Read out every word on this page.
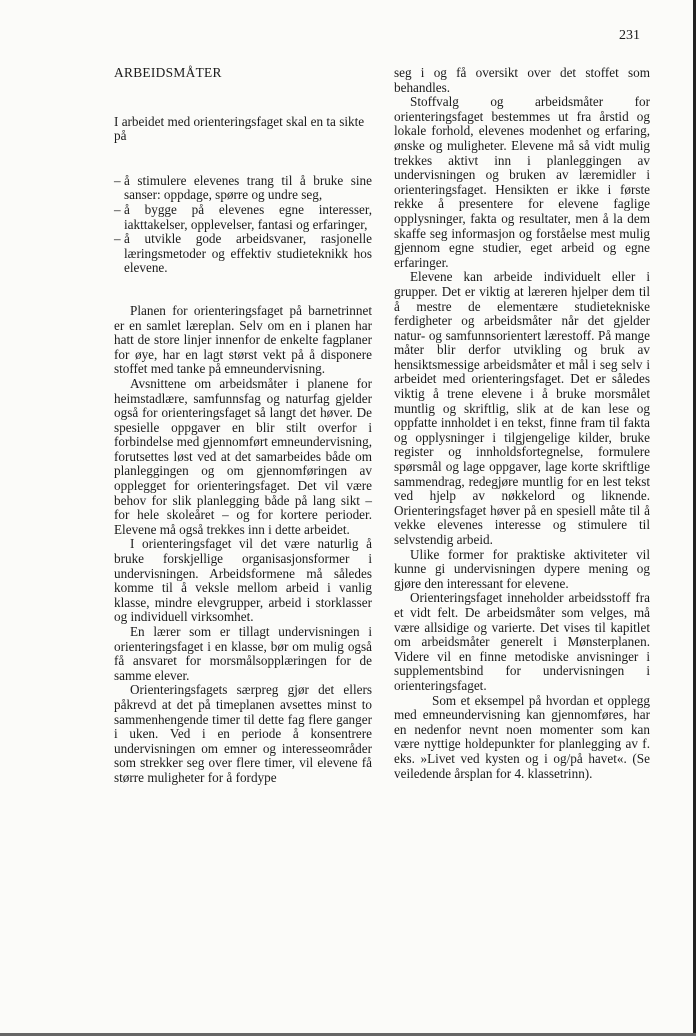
231
ARBEIDSMÅTER

I arbeidet med orienteringsfaget skal en ta sikte på

– å stimulere elevenes trang til å bruke sine sanser: oppdage, spørre og undre seg,
– å bygge på elevenes egne interesser, iakttakelser, opplevelser, fantasi og erfaringer,
– å utvikle gode arbeidsvaner, rasjonelle læringsmetoder og effektiv studieteknikk hos elevene.

Planen for orienteringsfaget på barnetrinnet er en samlet læreplan. Selv om en i planen har hatt de store linjer innenfor de enkelte fagplaner for øye, har en lagt størst vekt på å disponere stoffet med tanke på emneundervisning.

Avsnittene om arbeidsmåter i planene for heimstadlære, samfunnsfag og naturfag gjelder også for orienteringsfaget så langt det høver. De spesielle oppgaver en blir stilt overfor i forbindelse med gjennomført emneundervisning, forutsettes løst ved at det samarbeides både om planleggingen og om gjennomføringen av opplegget for orienteringsfaget. Det vil være behov for slik planlegging både på lang sikt – for hele skoleåret – og for kortere perioder. Elevene må også trekkes inn i dette arbeidet.

I orienteringsfaget vil det være naturlig å bruke forskjellige organisasjonsformer i undervisningen. Arbeidsformene må således komme til å veksle mellom arbeid i vanlig klasse, mindre elevgrupper, arbeid i storklasser og individuell virksomhet.

En lærer som er tillagt undervisningen i orienteringsfaget i en klasse, bør om mulig også få ansvaret for morsmålsopplæringen for de samme elever.

Orienteringsfagets særpreg gjør det ellers påkrevd at det på timeplanen avsettes minst to sammenhengende timer til dette fag flere ganger i uken. Ved i en periode å konsentrere undervisningen om emner og interesseområder som strekker seg over flere timer, vil elevene få større muligheter for å fordype

seg i og få oversikt over det stoffet som behandles.

Stoffvalg og arbeidsmåter for orienteringsfaget bestemmes ut fra årstid og lokale forhold, elevenes modenhet og erfaring, ønske og muligheter. Elevene må så vidt mulig trekkes aktivt inn i planleggingen av undervisningen og bruken av læremidler i orienteringsfaget. Hensikten er ikke i første rekke å presentere for elevene faglige opplysninger, fakta og resultater, men å la dem skaffe seg informasjon og forståelse mest mulig gjennom egne studier, eget arbeid og egne erfaringer.

Elevene kan arbeide individuelt eller i grupper. Det er viktig at læreren hjelper dem til å mestre de elementære studietekniske ferdigheter og arbeidsmåter når det gjelder natur- og samfunnsorientert lærestoff. På mange måter blir derfor utvikling og bruk av hensiktsmessige arbeidsmåter et mål i seg selv i arbeidet med orienteringsfaget. Det er således viktig å trene elevene i å bruke morsmålet muntlig og skriftlig, slik at de kan lese og oppfatte innholdet i en tekst, finne fram til fakta og opplysninger i tilgjengelige kilder, bruke register og innholdsfortegnelse, formulere spørsmål og lage oppgaver, lage korte skriftlige sammendrag, redegjøre muntlig for en lest tekst ved hjelp av nøkkelord og liknende. Orienteringsfaget høver på en spesiell måte til å vekke elevenes interesse og stimulere til selvstendig arbeid.

Ulike former for praktiske aktiviteter vil kunne gi undervisningen dypere mening og gjøre den interessant for elevene.

Orienteringsfaget inneholder arbeidsstoff fra et vidt felt. De arbeidsmåter som velges, må være allsidige og varierte. Det vises til kapitlet om arbeidsmåter generelt i Mønsterplanen. Videre vil en finne metodiske anvisninger i supplementsbind for undervisningen i orienteringsfaget.

Som et eksempel på hvordan et opplegg med emneundervisning kan gjennomføres, har en nedenfor nevnt noen momenter som kan være nyttige holdepunkter for planlegging av f. eks. »Livet ved kysten og i og/på havet«. (Se veiledende årsplan for 4. klassetrinn).
